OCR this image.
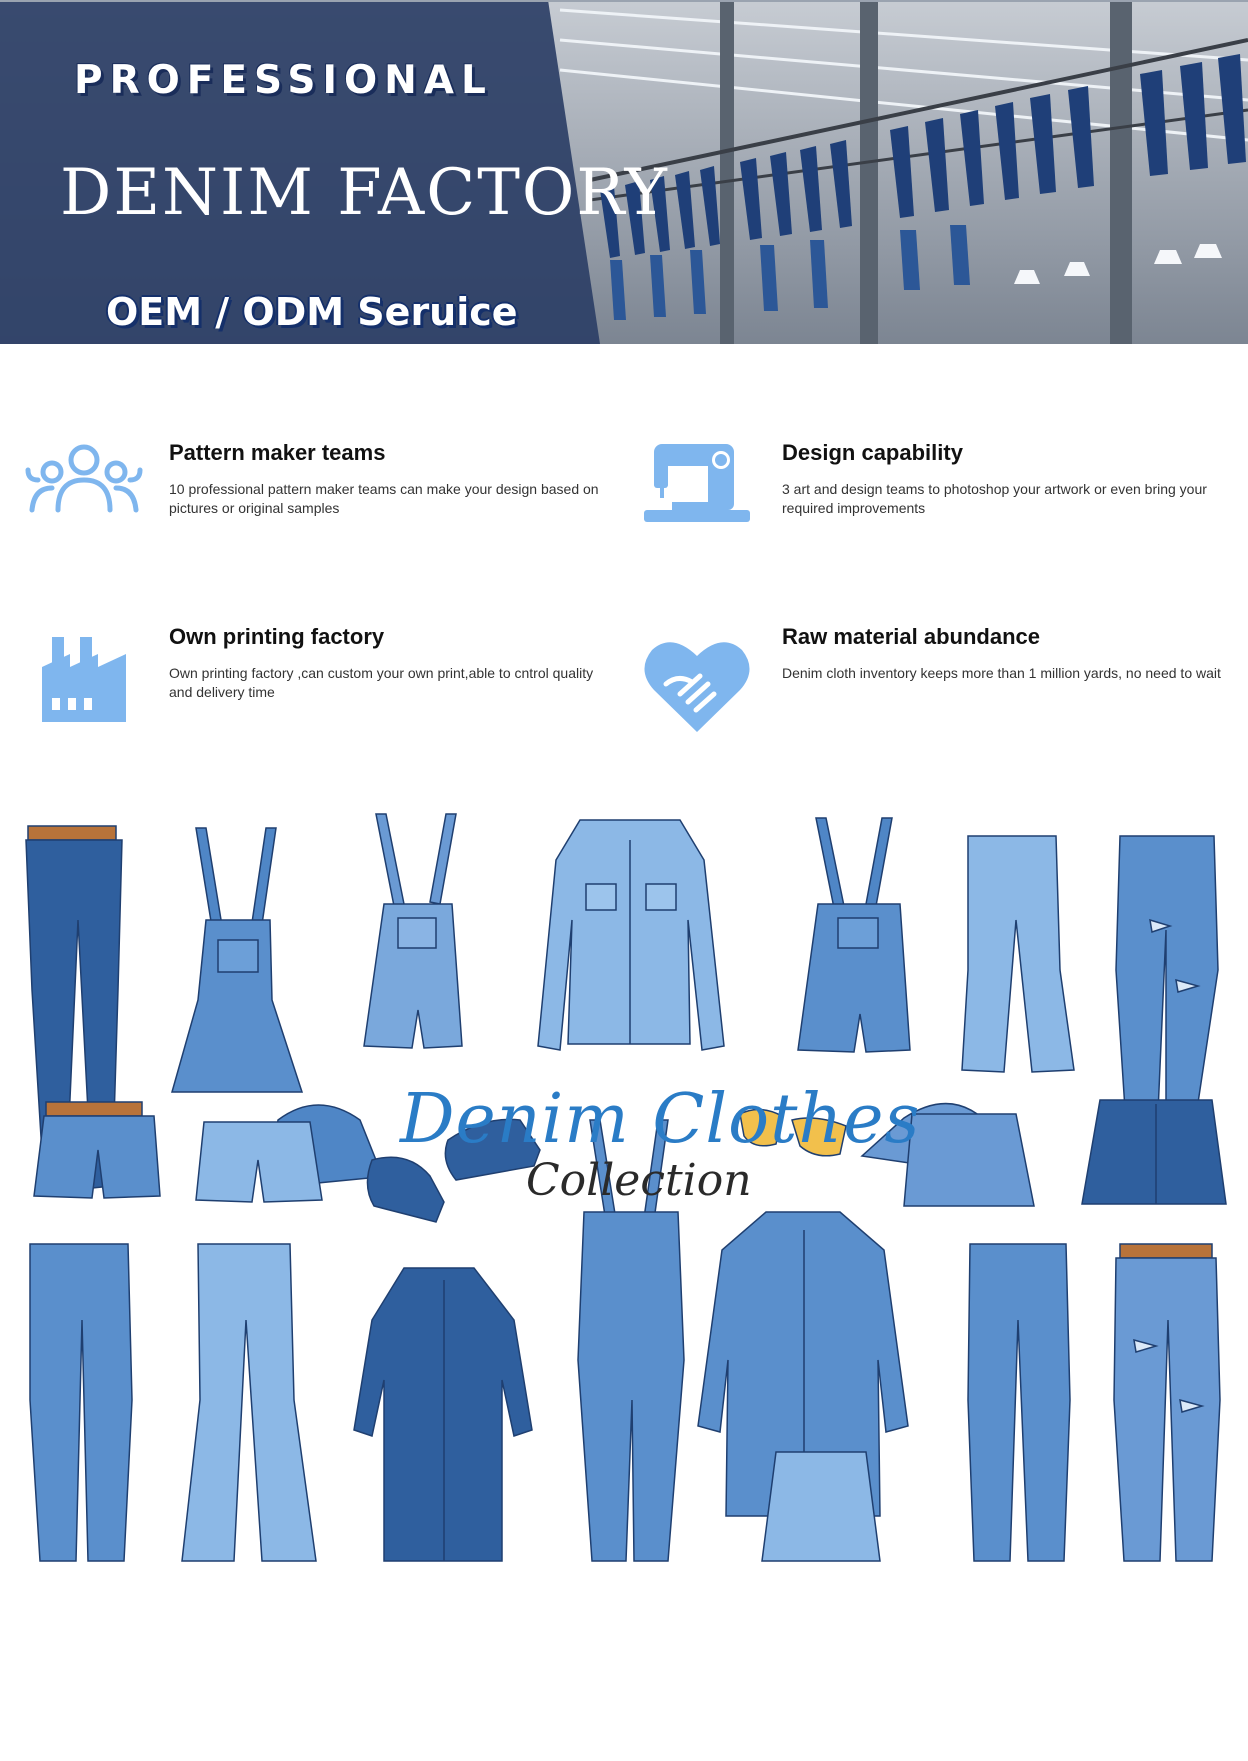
PROFESSIONAL
DENIM FACTORY
OEM / ODM Seruice
Pattern maker teams

10 professional pattern maker teams can make your design based on pictures or original samples

Design capability

3 art and design teams to photoshop your artwork or even bring your required improvements

Own printing factory

Own printing factory ,can custom your own print,able to cntrol quality and delivery time

Raw material abundance

Denim cloth inventory keeps more than 1 million yards, no need to wait

Denim Clothes
Collection
